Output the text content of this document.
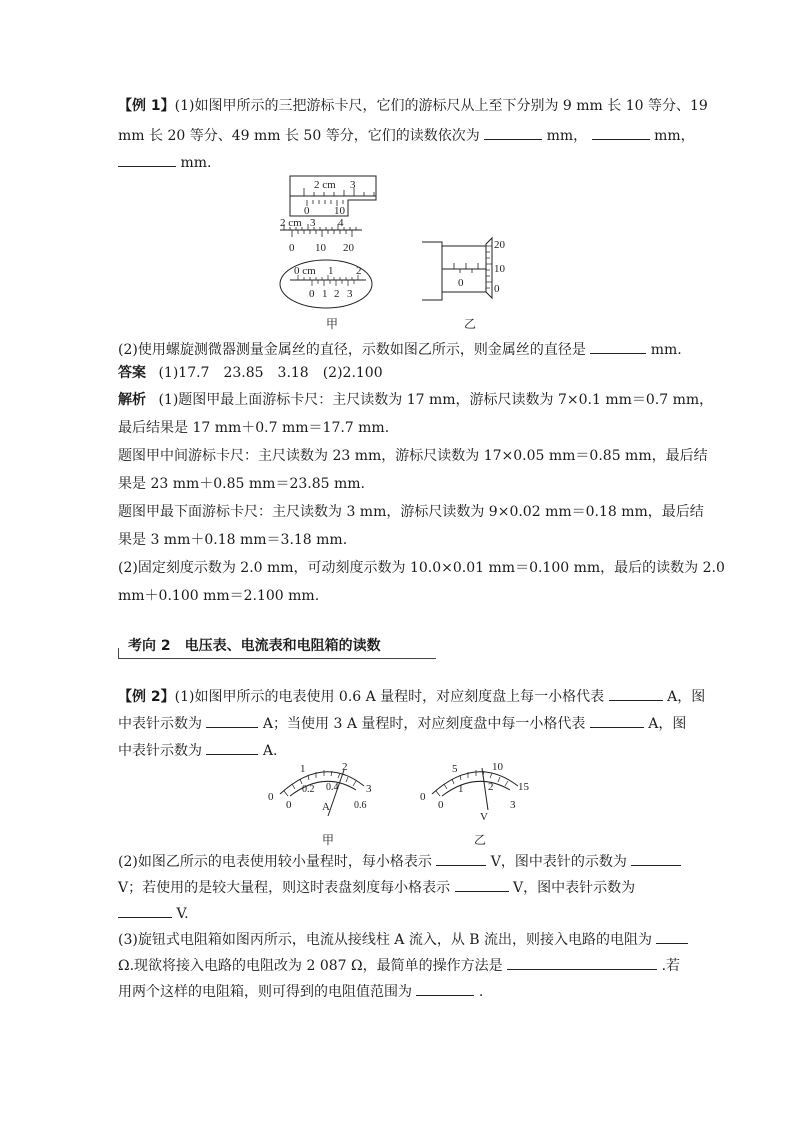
【例 1】(1)如图甲所示的三把游标卡尺，它们的游标尺从上至下分别为 9 mm 长 10 等分、19
mm 长 20 等分、49 mm 长 50 等分，它们的读数依次为	mm，	mm，
mm.
2 cm 3
0 10
2 cm 3 4
0 10 20
0 cm 1 2
0 1 2 3
20
10
0
0
甲	乙
(2)使用螺旋测微器测量金属丝的直径，示数如图乙所示，则金属丝的直径是	mm.
答案 (1)17.7　23.85　3.18　(2)2.100
解析 (1)题图甲最上面游标卡尺：主尺读数为 17 mm，游标尺读数为 7×0.1 mm＝0.7 mm，
最后结果是 17 mm＋0.7 mm＝17.7 mm.
题图甲中间游标卡尺：主尺读数为 23 mm，游标尺读数为 17×0.05 mm＝0.85 mm，最后结
果是 23 mm＋0.85 mm＝23.85 mm.
题图甲最下面游标卡尺：主尺读数为 3 mm，游标尺读数为 9×0.02 mm＝0.18 mm，最后结
果是 3 mm＋0.18 mm＝3.18 mm.
(2)固定刻度示数为 2.0 mm，可动刻度示数为 10.0×0.01 mm＝0.100 mm，最后的读数为 2.0
mm＋0.100 mm＝2.100 mm.
考向 2　电压表、电流表和电阻箱的读数
【例 2】(1)如图甲所示的电表使用 0.6 A 量程时，对应刻度盘上每一小格代表	A，图
中表针示数为	A；当使用 3 A 量程时，对应刻度盘中每一小格代表	A，图
中表针示数为	A.
0
1	2
3
0
0.2 0.4
0.6
A
0
5	10
15
0
1 2
3
V
甲	乙
(2)如图乙所示的电表使用较小量程时，每小格表示	V，图中表针的示数为
V；若使用的是较大量程，则这时表盘刻度每小格表示	V，图中表针示数为
V.
(3)旋钮式电阻箱如图丙所示，电流从接线柱 A 流入，从 B 流出，则接入电路的电阻为
Ω.现欲将接入电路的电阻改为 2 087 Ω，最简单的操作方法是	.若
用两个这样的电阻箱，则可得到的电阻值范围为	.
